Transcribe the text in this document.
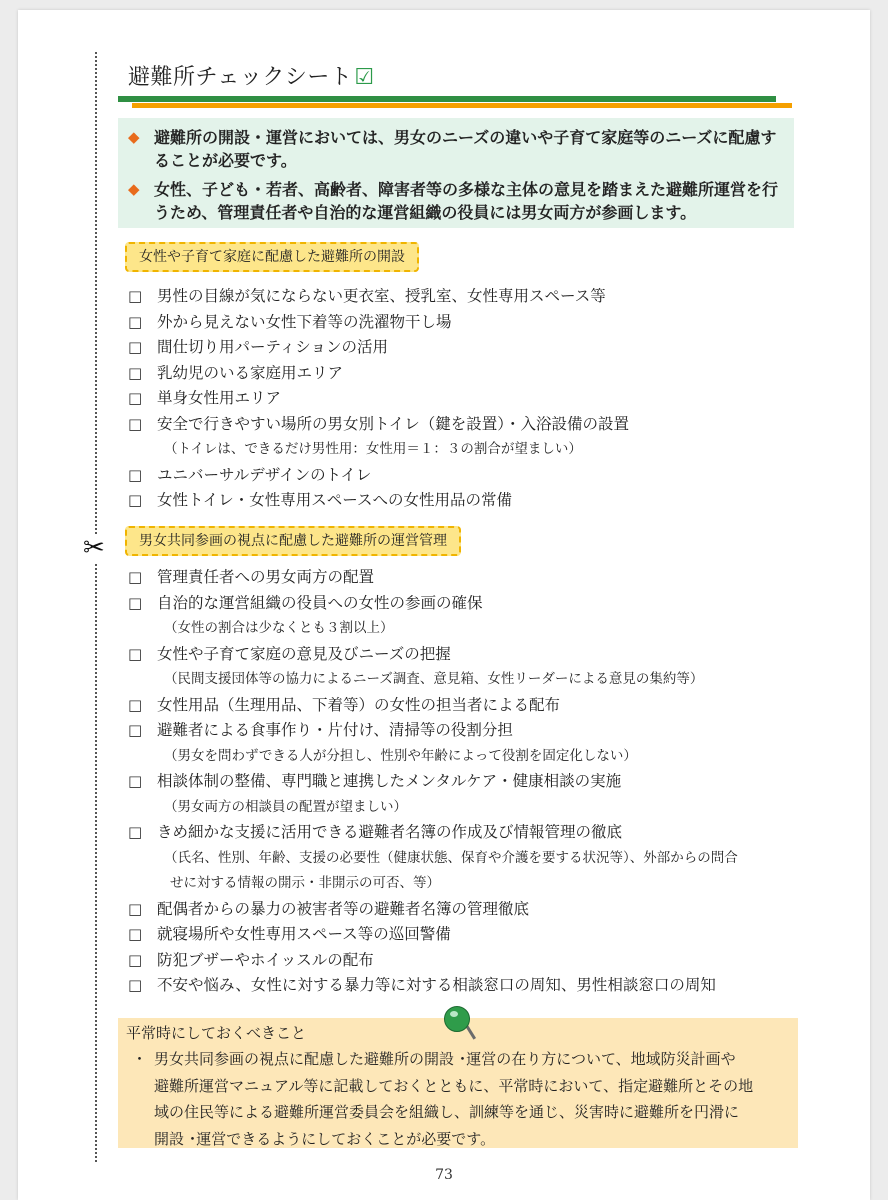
✂
避難所チェックシート☑
◆ 避難所の開設・運営においては、男女のニーズの違いや子育て家庭等のニーズに配慮することが必要です。
◆ 女性、子ども・若者、高齢者、障害者等の多様な主体の意見を踏まえた避難所運営を行うため、管理責任者や自治的な運営組織の役員には男女両方が参画します。
女性や子育て家庭に配慮した避難所の開設
□ 男性の目線が気にならない更衣室、授乳室、女性専用スペース等
□ 外から見えない女性下着等の洗濯物干し場
□ 間仕切り用パーティションの活用
□ 乳幼児のいる家庭用エリア
□ 単身女性用エリア
□ 安全で行きやすい場所の男女別トイレ（鍵を設置）・入浴設備の設置
（トイレは、できるだけ男性用：女性用＝１：３の割合が望ましい）
□ ユニバーサルデザインのトイレ
□ 女性トイレ・女性専用スペースへの女性用品の常備
男女共同参画の視点に配慮した避難所の運営管理
□ 管理責任者への男女両方の配置
□ 自治的な運営組織の役員への女性の参画の確保
（女性の割合は少なくとも３割以上）
□ 女性や子育て家庭の意見及びニーズの把握
（民間支援団体等の協力によるニーズ調査、意見箱、女性リーダーによる意見の集約等）
□ 女性用品（生理用品、下着等）の女性の担当者による配布
□ 避難者による食事作り・片付け、清掃等の役割分担
（男女を問わずできる人が分担し、性別や年齢によって役割を固定化しない）
□ 相談体制の整備、専門職と連携したメンタルケア・健康相談の実施
（男女両方の相談員の配置が望ましい）
□ きめ細かな支援に活用できる避難者名簿の作成及び情報管理の徹底
（氏名、性別、年齢、支援の必要性（健康状態、保育や介護を要する状況等）、外部からの問合
せに対する情報の開示・非開示の可否、等）
□ 配偶者からの暴力の被害者等の避難者名簿の管理徹底
□ 就寝場所や女性専用スペース等の巡回警備
□ 防犯ブザーやホイッスルの配布
□ 不安や悩み、女性に対する暴力等に対する相談窓口の周知、男性相談窓口の周知
平常時にしておくべきこと
・ 男女共同参画の視点に配慮した避難所の開設 ･運営の在り方について、地域防災計画や
避難所運営マニュアル等に記載しておくとともに、平常時において、指定避難所とその地
域の住民等による避難所運営委員会を組織し、訓練等を通じ、災害時に避難所を円滑に
開設 ･運営できるようにしておくことが必要です。
73
